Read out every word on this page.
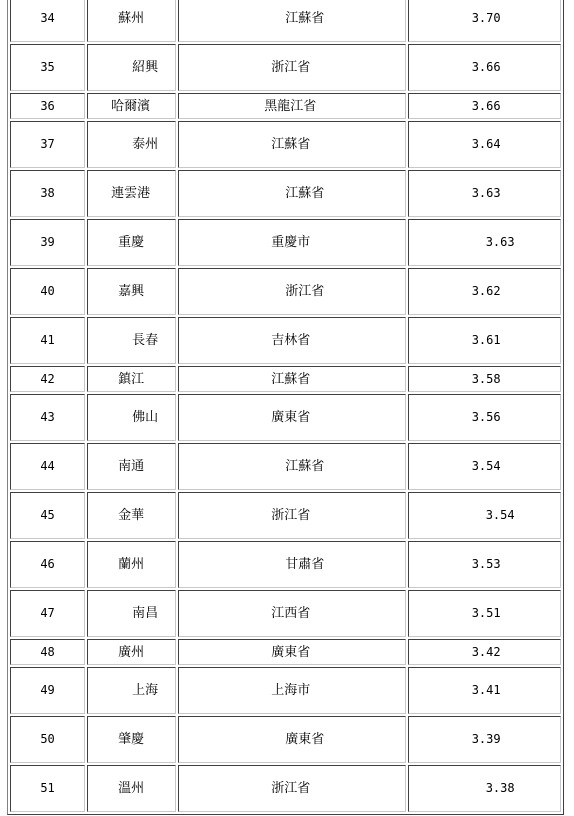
34	蘇州	江蘇省	3.70
35	紹興	浙江省	3.66
36	哈爾濱	黑龍江省	3.66
37	泰州	江蘇省	3.64
38	連雲港	江蘇省	3.63
39	重慶	重慶市	3.63
40	嘉興	浙江省	3.62
41	長春	吉林省	3.61
42	鎮江	江蘇省	3.58
43	佛山	廣東省	3.56
44	南通	江蘇省	3.54
45	金華	浙江省	3.54
46	蘭州	甘肅省	3.53
47	南昌	江西省	3.51
48	廣州	廣東省	3.42
49	上海	上海市	3.41
50	肇慶	廣東省	3.39
51	溫州	浙江省	3.38
